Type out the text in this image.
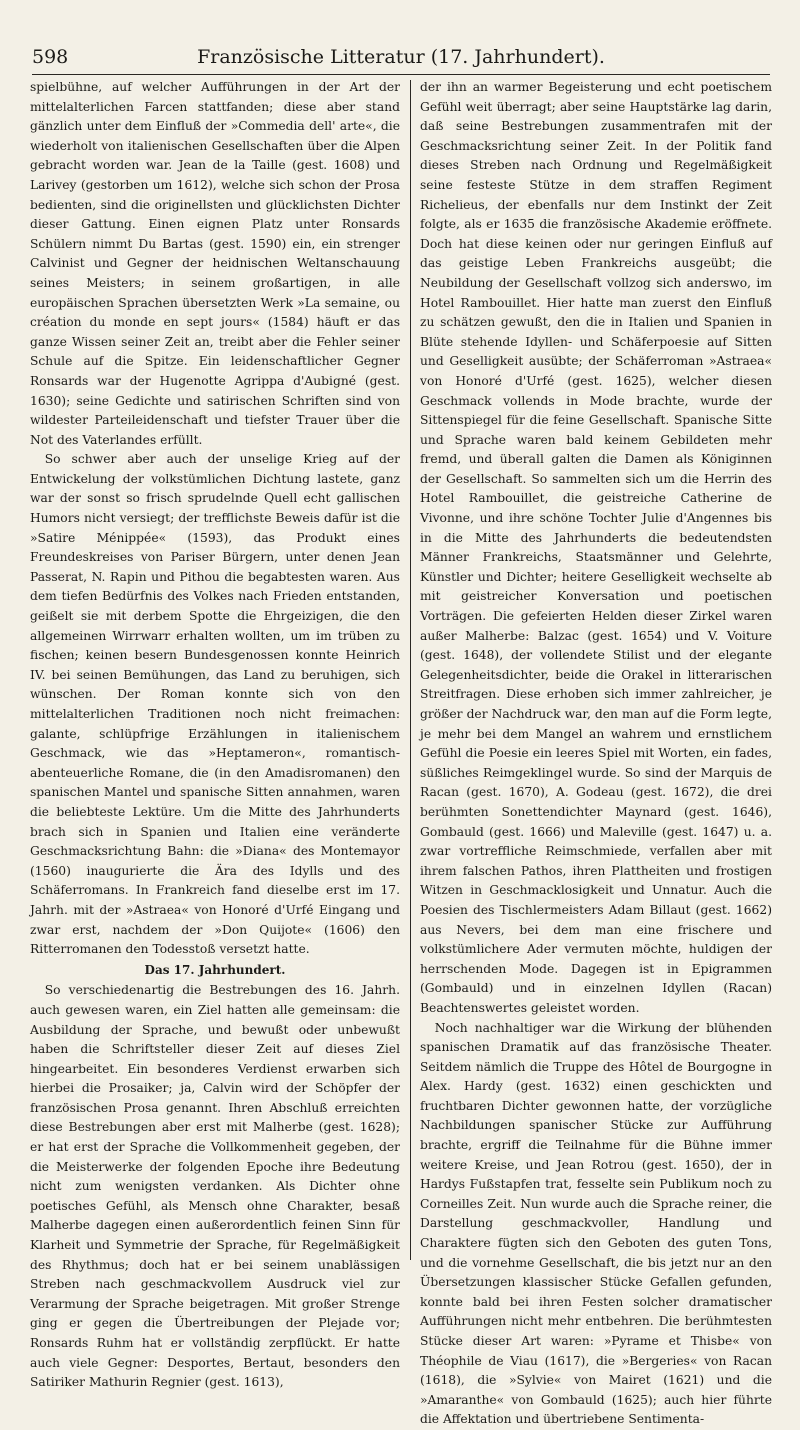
598	Französische Litteratur (17. Jahrhundert).

spielbühne, auf welcher Aufführungen in der Art der mittelalterlichen Farcen stattfanden; diese aber stand gänzlich unter dem Einfluß der »Commedia dell' arte«, die wiederholt von italienischen Gesellschaften über die Alpen gebracht worden war. Jean de la Taille (gest. 1608) und Larivey (gestorben um 1612), welche sich schon der Prosa bedienten, sind die originellsten und glücklichsten Dichter dieser Gattung. Einen eignen Platz unter Ronsards Schülern nimmt Du Bartas (gest. 1590) ein, ein strenger Calvinist und Gegner der heidnischen Weltanschauung seines Meisters; in seinem großartigen, in alle europäischen Sprachen übersetzten Werk »La semaine, ou création du monde en sept jours« (1584) häuft er das ganze Wissen seiner Zeit an, treibt aber die Fehler seiner Schule auf die Spitze. Ein leidenschaftlicher Gegner Ronsards war der Hugenotte Agrippa d'Aubigné (gest. 1630); seine Gedichte und satirischen Schriften sind von wildester Parteileidenschaft und tiefster Trauer über die Not des Vaterlandes erfüllt.

So schwer aber auch der unselige Krieg auf der Entwickelung der volkstümlichen Dichtung lastete, ganz war der sonst so frisch sprudelnde Quell echt gallischen Humors nicht versiegt; der trefflichste Beweis dafür ist die »Satire Ménippée« (1593), das Produkt eines Freundeskreises von Pariser Bürgern, unter denen Jean Passerat, N. Rapin und Pithou die begabtesten waren. Aus dem tiefen Bedürfnis des Volkes nach Frieden entstanden, geißelt sie mit derbem Spotte die Ehrgeizigen, die den allgemeinen Wirrwarr erhalten wollten, um im trüben zu fischen; keinen besern Bundesgenossen konnte Heinrich IV. bei seinen Bemühungen, das Land zu beruhigen, sich wünschen. Der Roman konnte sich von den mittelalterlichen Traditionen noch nicht freimachen: galante, schlüpfrige Erzählungen in italienischem Geschmack, wie das »Heptameron«, romantisch-abenteuerliche Romane, die (in den Amadisromanen) den spanischen Mantel und spanische Sitten annahmen, waren die beliebteste Lektüre. Um die Mitte des Jahrhunderts brach sich in Spanien und Italien eine veränderte Geschmacksrichtung Bahn: die »Diana« des Montemayor (1560) inaugurierte die Ära des Idylls und des Schäferromans. In Frankreich fand dieselbe erst im 17. Jahrh. mit der »Astraea« von Honoré d'Urfé Eingang und zwar erst, nachdem der »Don Quijote« (1606) den Ritterromanen den Todesstoß versetzt hatte.

Das 17. Jahrhundert.

So verschiedenartig die Bestrebungen des 16. Jahrh. auch gewesen waren, ein Ziel hatten alle gemeinsam: die Ausbildung der Sprache, und bewußt oder unbewußt haben die Schriftsteller dieser Zeit auf dieses Ziel hingearbeitet. Ein besonderes Verdienst erwarben sich hierbei die Prosaiker; ja, Calvin wird der Schöpfer der französischen Prosa genannt. Ihren Abschluß erreichten diese Bestrebungen aber erst mit Malherbe (gest. 1628); er hat erst der Sprache die Vollkommenheit gegeben, der die Meisterwerke der folgenden Epoche ihre Bedeutung nicht zum wenigsten verdanken. Als Dichter ohne poetisches Gefühl, als Mensch ohne Charakter, besaß Malherbe dagegen einen außerordentlich feinen Sinn für Klarheit und Symmetrie der Sprache, für Regelmäßigkeit des Rhythmus; doch hat er bei seinem unablässigen Streben nach geschmackvollem Ausdruck viel zur Verarmung der Sprache beigetragen. Mit großer Strenge ging er gegen die Übertreibungen der Plejade vor; Ronsards Ruhm hat er vollständig zerpflückt. Er hatte auch viele Gegner: Desportes, Bertaut, besonders den Satiriker Mathurin Regnier (gest. 1613),

der ihn an warmer Begeisterung und echt poetischem Gefühl weit überragt; aber seine Hauptstärke lag darin, daß seine Bestrebungen zusammentrafen mit der Geschmacksrichtung seiner Zeit. In der Politik fand dieses Streben nach Ordnung und Regelmäßigkeit seine festeste Stütze in dem straffen Regiment Richelieus, der ebenfalls nur dem Instinkt der Zeit folgte, als er 1635 die französische Akademie eröffnete. Doch hat diese keinen oder nur geringen Einfluß auf das geistige Leben Frankreichs ausgeübt; die Neubildung der Gesellschaft vollzog sich anderswo, im Hotel Rambouillet. Hier hatte man zuerst den Einfluß zu schätzen gewußt, den die in Italien und Spanien in Blüte stehende Idyllen- und Schäferpoesie auf Sitten und Geselligkeit ausübte; der Schäferroman »Astraea« von Honoré d'Urfé (gest. 1625), welcher diesen Geschmack vollends in Mode brachte, wurde der Sittenspiegel für die feine Gesellschaft. Spanische Sitte und Sprache waren bald keinem Gebildeten mehr fremd, und überall galten die Damen als Königinnen der Gesellschaft. So sammelten sich um die Herrin des Hotel Rambouillet, die geistreiche Catherine de Vivonne, und ihre schöne Tochter Julie d'Angennes bis in die Mitte des Jahrhunderts die bedeutendsten Männer Frankreichs, Staatsmänner und Gelehrte, Künstler und Dichter; heitere Geselligkeit wechselte ab mit geistreicher Konversation und poetischen Vorträgen. Die gefeierten Helden dieser Zirkel waren außer Malherbe: Balzac (gest. 1654) und V. Voiture (gest. 1648), der vollendete Stilist und der elegante Gelegenheitsdichter, beide die Orakel in litterarischen Streitfragen. Diese erhoben sich immer zahlreicher, je größer der Nachdruck war, den man auf die Form legte, je mehr bei dem Mangel an wahrem und ernstlichem Gefühl die Poesie ein leeres Spiel mit Worten, ein fades, süßliches Reimgeklingel wurde. So sind der Marquis de Racan (gest. 1670), A. Godeau (gest. 1672), die drei berühmten Sonettendichter Maynard (gest. 1646), Gombauld (gest. 1666) und Maleville (gest. 1647) u. a. zwar vortreffliche Reimschmiede, verfallen aber mit ihrem falschen Pathos, ihren Plattheiten und frostigen Witzen in Geschmacklosigkeit und Unnatur. Auch die Poesien des Tischlermeisters Adam Billaut (gest. 1662) aus Nevers, bei dem man eine frischere und volkstümlichere Ader vermuten möchte, huldigen der herrschenden Mode. Dagegen ist in Epigrammen (Gombauld) und in einzelnen Idyllen (Racan) Beachtenswertes geleistet worden.

Noch nachhaltiger war die Wirkung der blühenden spanischen Dramatik auf das französische Theater. Seitdem nämlich die Truppe des Hôtel de Bourgogne in Alex. Hardy (gest. 1632) einen geschickten und fruchtbaren Dichter gewonnen hatte, der vorzügliche Nachbildungen spanischer Stücke zur Aufführung brachte, ergriff die Teilnahme für die Bühne immer weitere Kreise, und Jean Rotrou (gest. 1650), der in Hardys Fußstapfen trat, fesselte sein Publikum noch zu Corneilles Zeit. Nun wurde auch die Sprache reiner, die Darstellung geschmackvoller, Handlung und Charaktere fügten sich den Geboten des guten Tons, und die vornehme Gesellschaft, die bis jetzt nur an den Übersetzungen klassischer Stücke Gefallen gefunden, konnte bald bei ihren Festen solcher dramatischer Aufführungen nicht mehr entbehren. Die berühmtesten Stücke dieser Art waren: »Pyrame et Thisbe« von Théophile de Viau (1617), die »Bergeries« von Racan (1618), die »Sylvie« von Mairet (1621) und die »Amaranthe« von Gombauld (1625); auch hier führte die Affektation und übertriebene Sentimenta-
